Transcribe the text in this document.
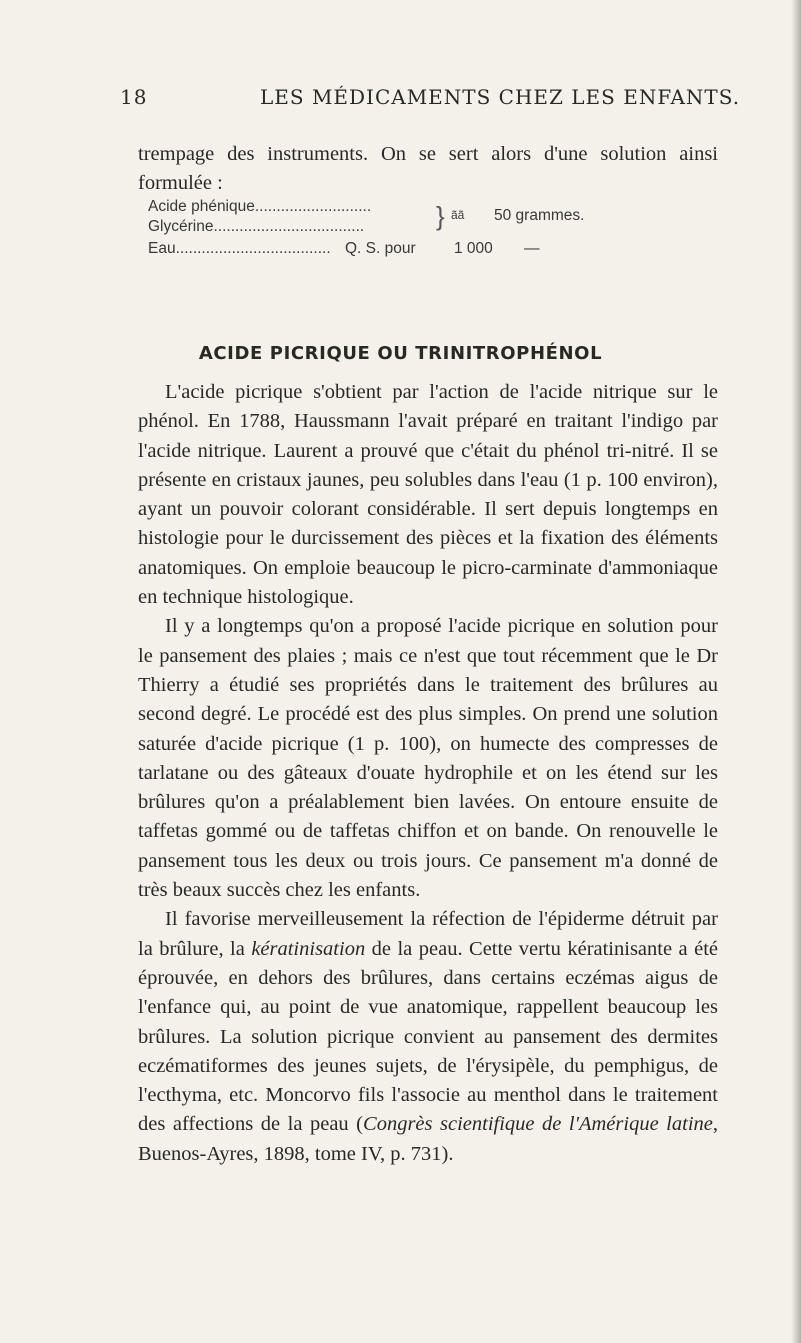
18	LES MÉDICAMENTS CHEZ LES ENFANTS.

trempage des instruments. On se sert alors d'une solution ainsi formulée :

Acide phénique...........................
Glycérine...................................	} ãã 50 grammes.
Eau.................................... Q. S. pour 1 000 —
ACIDE PICRIQUE OU TRINITROPHÉNOL

L'acide picrique s'obtient par l'action de l'acide nitrique sur le phénol. En 1788, Haussmann l'avait préparé en traitant l'indigo par l'acide nitrique. Laurent a prouvé que c'était du phénol tri-nitré. Il se présente en cristaux jaunes, peu solubles dans l'eau (1 p. 100 environ), ayant un pouvoir colorant considérable. Il sert depuis longtemps en histologie pour le durcissement des pièces et la fixation des éléments anatomiques. On emploie beaucoup le picro-carminate d'ammoniaque en technique histologique.

Il y a longtemps qu'on a proposé l'acide picrique en solution pour le pansement des plaies ; mais ce n'est que tout récemment que le Dr Thierry a étudié ses propriétés dans le traitement des brûlures au second degré. Le procédé est des plus simples. On prend une solution saturée d'acide picrique (1 p. 100), on humecte des compresses de tarlatane ou des gâteaux d'ouate hydrophile et on les étend sur les brûlures qu'on a préalablement bien lavées. On entoure ensuite de taffetas gommé ou de taffetas chiffon et on bande. On renouvelle le pansement tous les deux ou trois jours. Ce pansement m'a donné de très beaux succès chez les enfants.

Il favorise merveilleusement la réfection de l'épiderme détruit par la brûlure, la kératinisation de la peau. Cette vertu kératinisante a été éprouvée, en dehors des brûlures, dans certains eczémas aigus de l'enfance qui, au point de vue anatomique, rappellent beaucoup les brûlures. La solution picrique convient au pansement des dermites eczématiformes des jeunes sujets, de l'érysipèle, du pemphigus, de l'ecthyma, etc. Moncorvo fils l'associe au menthol dans le traitement des affections de la peau (Congrès scientifique de l'Amérique latine, Buenos-Ayres, 1898, tome IV, p. 731).
